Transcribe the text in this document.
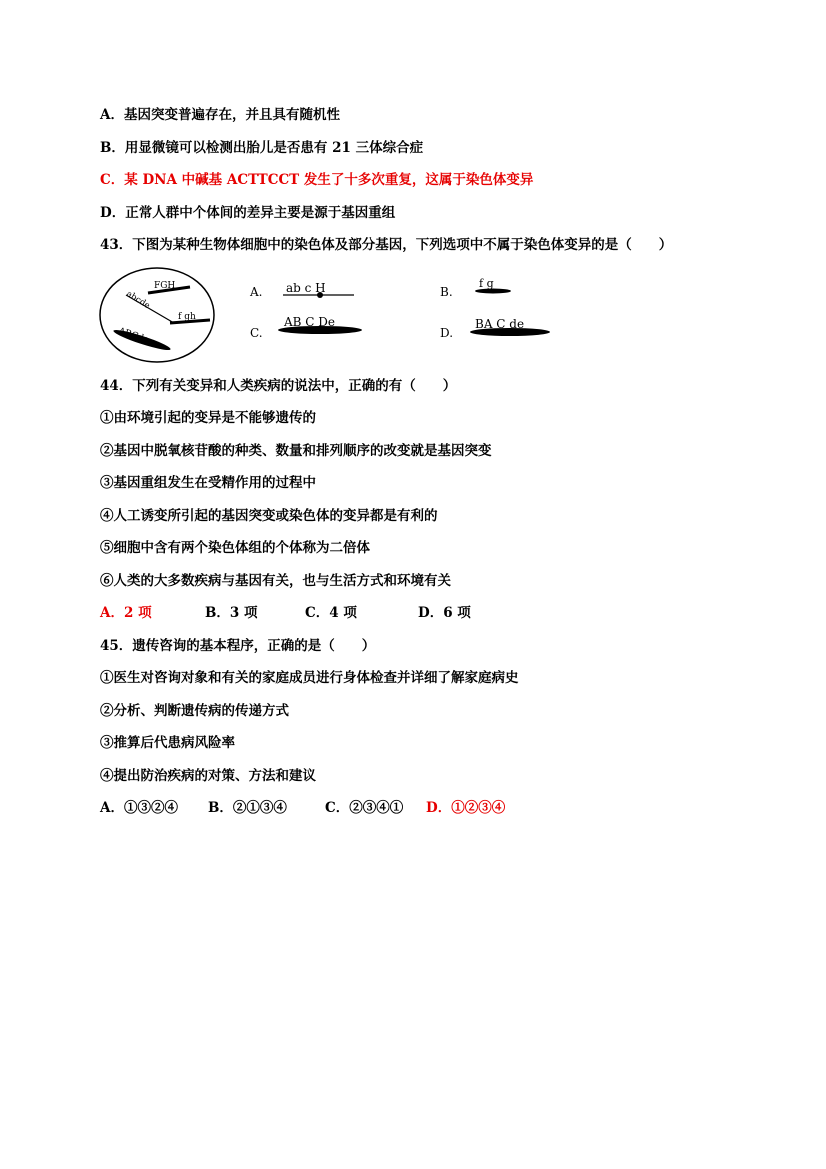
A．基因突变普遍存在，并且具有随机性
B．用显微镜可以检测出胎儿是否患有 21 三体综合症
C．某 DNA 中碱基 ACTTCCT 发生了十多次重复，这属于染色体变异
D．正常人群中个体间的差异主要是源于基因重组
43．下图为某种生物体细胞中的染色体及部分基因，下列选项中不属于染色体变异的是（　　）
FGH
abcde
f gh
ABCde
A. ab c H	B.
f g
C.
AB C De
D.
BA C de
44．下列有关变异和人类疾病的说法中，正确的有（　　）
①由环境引起的变异是不能够遗传的
②基因中脱氧核苷酸的种类、数量和排列顺序的改变就是基因突变
③基因重组发生在受精作用的过程中
④人工诱变所引起的基因突变或染色体的变异都是有利的
⑤细胞中含有两个染色体组的个体称为二倍体
⑥人类的大多数疾病与基因有关，也与生活方式和环境有关
A．2 项	B．3 项	C．4 项	D．6 项
45．遗传咨询的基本程序，正确的是（　　）
①医生对咨询对象和有关的家庭成员进行身体检查并详细了解家庭病史
②分析、判断遗传病的传递方式
③推算后代患病风险率
④提出防治疾病的对策、方法和建议
A．①③②④ B．②①③④	C．②③④① D．①②③④
